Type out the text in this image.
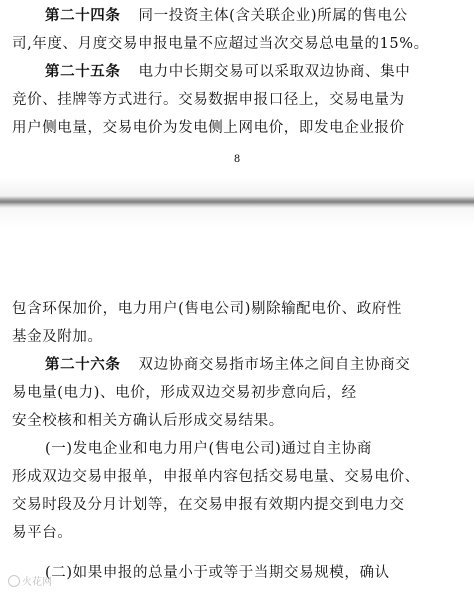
第二十四条 同一投资主体(含关联企业)所属的售电公
司,年度、月度交易申报电量不应超过当次交易总电量的15%。
第二十五条 电力中长期交易可以采取双边协商、集中
竞价、挂牌等方式进行。交易数据申报口径上，交易电量为
用户侧电量，交易电价为发电侧上网电价，即发电企业报价
8
包含环保加价，电力用户(售电公司)剔除输配电价、政府性
基金及附加。
第二十六条 双边协商交易指市场主体之间自主协商交
易电量(电力)、电价，形成双边交易初步意向后，经
安全校核和相关方确认后形成交易结果。
(一)发电企业和电力用户(售电公司)通过自主协商
形成双边交易申报单，申报单内容包括交易电量、交易电价、
交易时段及分月计划等，在交易申报有效期内提交到电力交
易平台。
(二)如果申报的总量小于或等于当期交易规模，确认
火花网
